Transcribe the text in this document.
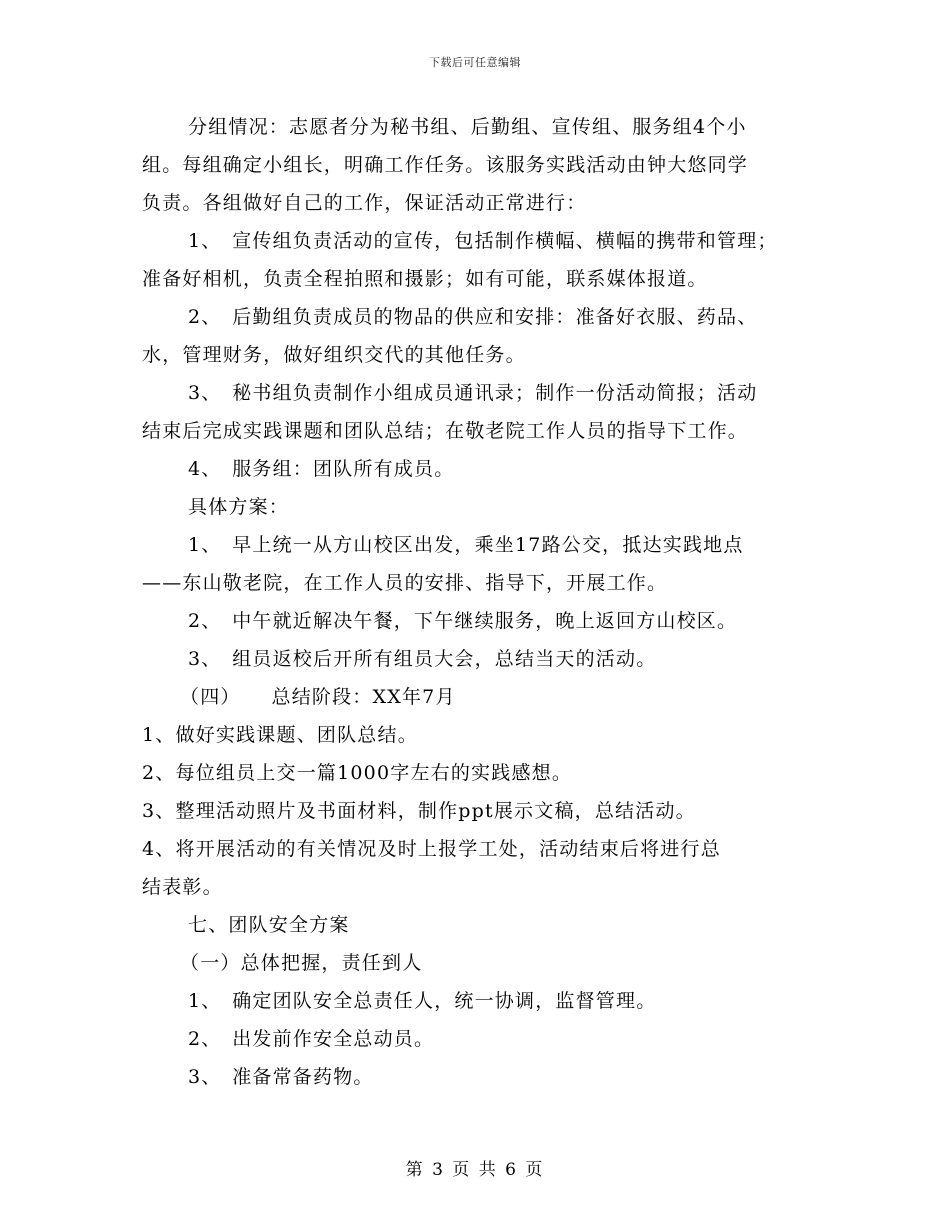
下载后可任意编辑
分组情况：志愿者分为秘书组、后勤组、宣传组、服务组4个小
组。每组确定小组长，明确工作任务。该服务实践活动由钟大悠同学
负责。各组做好自己的工作，保证活动正常进行：
1、　宣传组负责活动的宣传，包括制作横幅、横幅的携带和管理；
准备好相机，负责全程拍照和摄影；如有可能，联系媒体报道。
2、　后勤组负责成员的物品的供应和安排：准备好衣服、药品、
水，管理财务，做好组织交代的其他任务。
3、　秘书组负责制作小组成员通讯录；制作一份活动简报；活动
结束后完成实践课题和团队总结；在敬老院工作人员的指导下工作。
4、　服务组：团队所有成员。
具体方案：
1、　早上统一从方山校区出发，乘坐17路公交，抵达实践地点
——东山敬老院，在工作人员的安排、指导下，开展工作。
2、　中午就近解决午餐，下午继续服务，晚上返回方山校区。
3、　组员返校后开所有组员大会，总结当天的活动。
（四）　　总结阶段：XX年7月
1、做好实践课题、团队总结。
2、每位组员上交一篇1000字左右的实践感想。
3、整理活动照片及书面材料，制作ppt展示文稿，总结活动。
4、将开展活动的有关情况及时上报学工处，活动结束后将进行总
结表彰。
七、团队安全方案
（一）总体把握，责任到人
1、　确定团队安全总责任人，统一协调，监督管理。
2、　出发前作安全总动员。
3、　准备常备药物。
第 3 页 共 6 页
